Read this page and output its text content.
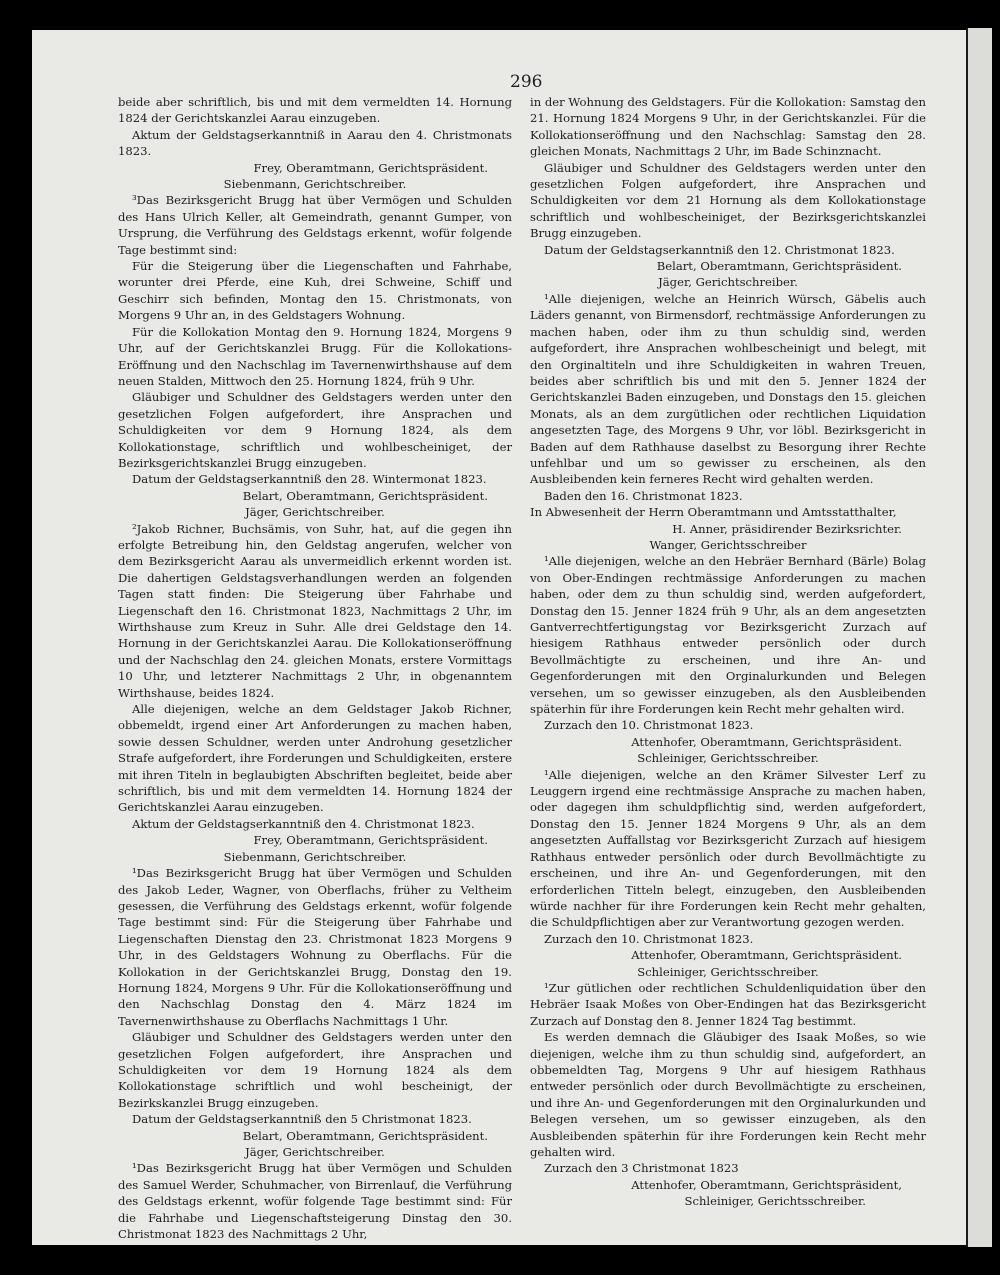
296

beide aber schriftlich, bis und mit dem vermeldten 14. Hornung 1824 der Gerichtskanzlei Aarau einzugeben.

Aktum der Geldstagserkanntniß in Aarau den 4. Christmonats 1823.

Frey, Oberamtmann, Gerichtspräsident.

Siebenmann, Gerichtschreiber.

³Das Bezirksgericht Brugg hat über Vermögen und Schulden des Hans Ulrich Keller, alt Gemeindrath, genannt Gumper, von Ursprung, die Verführung des Geldstags erkennt, wofür folgende Tage bestimmt sind:

Für die Steigerung über die Liegenschaften und Fahrhabe, worunter drei Pferde, eine Kuh, drei Schweine, Schiff und Geschirr sich befinden, Montag den 15. Christmonats, von Morgens 9 Uhr an, in des Geldstagers Wohnung.

Für die Kollokation Montag den 9. Hornung 1824, Morgens 9 Uhr, auf der Gerichtskanzlei Brugg. Für die Kollokations-Eröffnung und den Nachschlag im Tavernenwirthshause auf dem neuen Stalden, Mittwoch den 25. Hornung 1824, früh 9 Uhr.

Gläubiger und Schuldner des Geldstagers werden unter den gesetzlichen Folgen aufgefordert, ihre Ansprachen und Schuldigkeiten vor dem 9 Hornung 1824, als dem Kollokationstage, schriftlich und wohlbescheiniget, der Bezirksgerichtskanzlei Brugg einzugeben.

Datum der Geldstagserkanntniß den 28. Wintermonat 1823.

Belart, Oberamtmann, Gerichtspräsident.

Jäger, Gerichtschreiber.

²Jakob Richner, Buchsämis, von Suhr, hat, auf die gegen ihn erfolgte Betreibung hin, den Geldstag angerufen, welcher von dem Bezirksgericht Aarau als unvermeidlich erkennt worden ist. Die dahertigen Geldstagsverhandlungen werden an folgenden Tagen statt finden: Die Steigerung über Fahrhabe und Liegenschaft den 16. Christmonat 1823, Nachmittags 2 Uhr, im Wirthshause zum Kreuz in Suhr. Alle drei Geldstage den 14. Hornung in der Gerichtskanzlei Aarau. Die Kollokationseröffnung und der Nachschlag den 24. gleichen Monats, erstere Vormittags 10 Uhr, und letzterer Nachmittags 2 Uhr, in obgenanntem Wirthshause, beides 1824.

Alle diejenigen, welche an dem Geldstager Jakob Richner, obbemeldt, irgend einer Art Anforderungen zu machen haben, sowie dessen Schuldner, werden unter Androhung gesetzlicher Strafe aufgefordert, ihre Forderungen und Schuldigkeiten, erstere mit ihren Titeln in beglaubigten Abschriften begleitet, beide aber schriftlich, bis und mit dem vermeldten 14. Hornung 1824 der Gerichtskanzlei Aarau einzugeben.

Aktum der Geldstagserkanntniß den 4. Christmonat 1823.

Frey, Oberamtmann, Gerichtspräsident.

Siebenmann, Gerichtschreiber.

¹Das Bezirksgericht Brugg hat über Vermögen und Schulden des Jakob Leder, Wagner, von Oberflachs, früher zu Veltheim gesessen, die Verführung des Geldstags erkennt, wofür folgende Tage bestimmt sind: Für die Steigerung über Fahrhabe und Liegenschaften Dienstag den 23. Christmonat 1823 Morgens 9 Uhr, in des Geldstagers Wohnung zu Oberflachs. Für die Kollokation in der Gerichtskanzlei Brugg, Donstag den 19. Hornung 1824, Morgens 9 Uhr. Für die Kollokationseröffnung und den Nachschlag Donstag den 4. März 1824 im Tavernenwirthshause zu Oberflachs Nachmittags 1 Uhr.

Gläubiger und Schuldner des Geldstagers werden unter den gesetzlichen Folgen aufgefordert, ihre Ansprachen und Schuldigkeiten vor dem 19 Hornung 1824 als dem Kollokationstage schriftlich und wohl bescheinigt, der Bezirkskanzlei Brugg einzugeben.

Datum der Geldstagserkanntniß den 5 Christmonat 1823.

Belart, Oberamtmann, Gerichtspräsident.

Jäger, Gerichtschreiber.

¹Das Bezirksgericht Brugg hat über Vermögen und Schulden des Samuel Werder, Schuhmacher, von Birrenlauf, die Verführung des Geldstags erkennt, wofür folgende Tage bestimmt sind: Für die Fahrhabe und Liegenschaftsteigerung Dinstag den 30. Christmonat 1823 des Nachmittags 2 Uhr,

in der Wohnung des Geldstagers. Für die Kollokation: Samstag den 21. Hornung 1824 Morgens 9 Uhr, in der Gerichtskanzlei. Für die Kollokationseröffnung und den Nachschlag: Samstag den 28. gleichen Monats, Nachmittags 2 Uhr, im Bade Schinznacht.

Gläubiger und Schuldner des Geldstagers werden unter den gesetzlichen Folgen aufgefordert, ihre Ansprachen und Schuldigkeiten vor dem 21 Hornung als dem Kollokationstage schriftlich und wohlbescheiniget, der Bezirksgerichtskanzlei Brugg einzugeben.

Datum der Geldstagserkanntniß den 12. Christmonat 1823.

Belart, Oberamtmann, Gerichtspräsident.

Jäger, Gerichtschreiber.

¹Alle diejenigen, welche an Heinrich Würsch, Gäbelis auch Läders genannt, von Birmensdorf, rechtmässige Anforderungen zu machen haben, oder ihm zu thun schuldig sind, werden aufgefordert, ihre Ansprachen wohlbescheinigt und belegt, mit den Orginaltiteln und ihre Schuldigkeiten in wahren Treuen, beides aber schriftlich bis und mit den 5. Jenner 1824 der Gerichtskanzlei Baden einzugeben, und Donstags den 15. gleichen Monats, als an dem zurgütlichen oder rechtlichen Liquidation angesetzten Tage, des Morgens 9 Uhr, vor löbl. Bezirksgericht in Baden auf dem Rathhause daselbst zu Besorgung ihrer Rechte unfehlbar und um so gewisser zu erscheinen, als den Ausbleibenden kein ferneres Recht wird gehalten werden.

Baden den 16. Christmonat 1823.

In Abwesenheit der Herrn Oberamtmann und Amtsstatthalter,

H. Anner, präsidirender Bezirksrichter.

Wanger, Gerichtsschreiber

¹Alle diejenigen, welche an den Hebräer Bernhard (Bärle) Bolag von Ober-Endingen rechtmässige Anforderungen zu machen haben, oder dem zu thun schuldig sind, werden aufgefordert, Donstag den 15. Jenner 1824 früh 9 Uhr, als an dem angesetzten Gantverrechtfertigungstag vor Bezirksgericht Zurzach auf hiesigem Rathhaus entweder persönlich oder durch Bevollmächtigte zu erscheinen, und ihre An- und Gegenforderungen mit den Orginalurkunden und Belegen versehen, um so gewisser einzugeben, als den Ausbleibenden späterhin für ihre Forderungen kein Recht mehr gehalten wird.

Zurzach den 10. Christmonat 1823.

Attenhofer, Oberamtmann, Gerichtspräsident.

Schleiniger, Gerichtsschreiber.

¹Alle diejenigen, welche an den Krämer Silvester Lerf zu Leuggern irgend eine rechtmässige Ansprache zu machen haben, oder dagegen ihm schuldpflichtig sind, werden aufgefordert, Donstag den 15. Jenner 1824 Morgens 9 Uhr, als an dem angesetzten Auffallstag vor Bezirksgericht Zurzach auf hiesigem Rathhaus entweder persönlich oder durch Bevollmächtigte zu erscheinen, und ihre An- und Gegenforderungen, mit den erforderlichen Titteln belegt, einzugeben, den Ausbleibenden würde nachher für ihre Forderungen kein Recht mehr gehalten, die Schuldpflichtigen aber zur Verantwortung gezogen werden.

Zurzach den 10. Christmonat 1823.

Attenhofer, Oberamtmann, Gerichtspräsident.

Schleiniger, Gerichtsschreiber.

¹Zur gütlichen oder rechtlichen Schuldenliquidation über den Hebräer Isaak Moßes von Ober-Endingen hat das Bezirksgericht Zurzach auf Donstag den 8. Jenner 1824 Tag bestimmt.

Es werden demnach die Gläubiger des Isaak Moßes, so wie diejenigen, welche ihm zu thun schuldig sind, aufgefordert, an obbemeldten Tag, Morgens 9 Uhr auf hiesigem Rathhaus entweder persönlich oder durch Bevollmächtigte zu erscheinen, und ihre An- und Gegenforderungen mit den Orginalurkunden und Belegen versehen, um so gewisser einzugeben, als den Ausbleibenden späterhin für ihre Forderungen kein Recht mehr gehalten wird.

Zurzach den 3 Christmonat 1823

Attenhofer, Oberamtmann, Gerichtspräsident,

Schleiniger, Gerichtsschreiber.
